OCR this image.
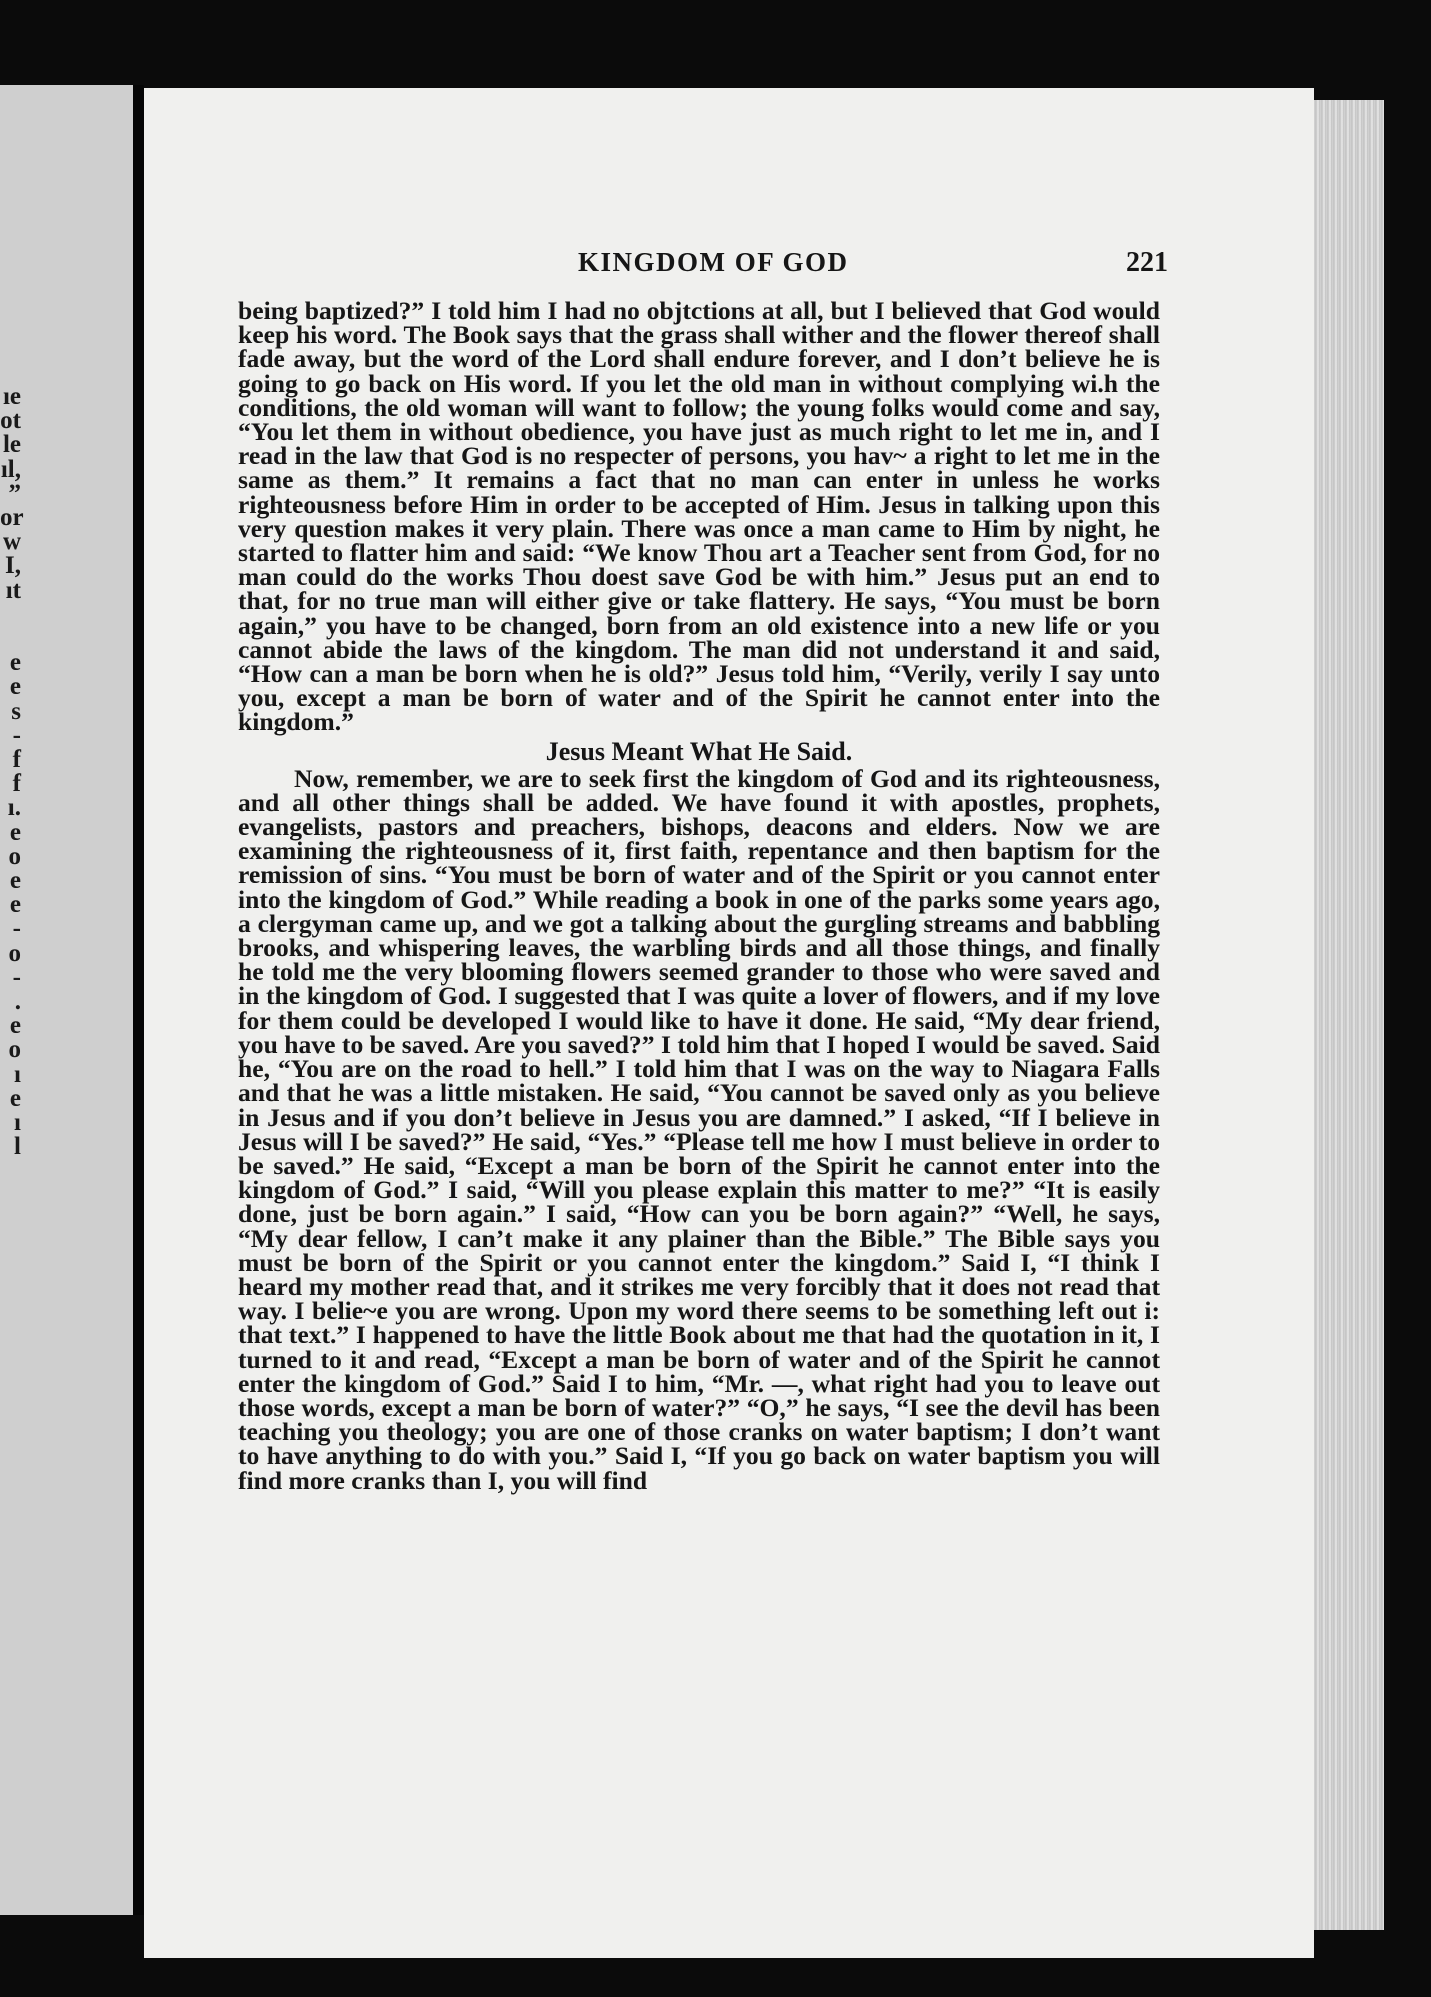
ıe
ot
le
ıl,
”
or
w
I,
ıt

e
e
s
-
f
f
ı.
e
o
e
e
-
o
-
.
e
o
ı
e
ı
l
KINGDOM OF GOD	221

being baptized?” I told him I had no objtctions at all, but I believed that God would keep his word. The Book says that the grass shall wither and the flower thereof shall fade away, but the word of the Lord shall endure forever, and I don’t believe he is going to go back on His word. If you let the old man in without complying wi.h the conditions, the old woman will want to follow; the young folks would come and say, “You let them in without obedience, you have just as much right to let me in, and I read in the law that God is no respecter of persons, you hav~ a right to let me in the same as them.” It remains a fact that no man can enter in unless he works righteousness before Him in order to be accepted of Him. Jesus in talking upon this very question makes it very plain. There was once a man came to Him by night, he started to flatter him and said: “We know Thou art a Teacher sent from God, for no man could do the works Thou doest save God be with him.” Jesus put an end to that, for no true man will either give or take flattery. He says, “You must be born again,” you have to be changed, born from an old existence into a new life or you cannot abide the laws of the kingdom. The man did not understand it and said, “How can a man be born when he is old?” Jesus told him, “Verily, verily I say unto you, except a man be born of water and of the Spirit he cannot enter into the kingdom.”

Jesus Meant What He Said.

Now, remember, we are to seek first the kingdom of God and its righteousness, and all other things shall be added. We have found it with apostles, prophets, evangelists, pastors and preachers, bishops, deacons and elders. Now we are examining the righteousness of it, first faith, repentance and then baptism for the remission of sins. “You must be born of water and of the Spirit or you cannot enter into the kingdom of God.” While reading a book in one of the parks some years ago, a clergyman came up, and we got a talking about the gurgling streams and babbling brooks, and whispering leaves, the warbling birds and all those things, and finally he told me the very blooming flowers seemed grander to those who were saved and in the kingdom of God. I suggested that I was quite a lover of flowers, and if my love for them could be developed I would like to have it done. He said, “My dear friend, you have to be saved. Are you saved?” I told him that I hoped I would be saved. Said he, “You are on the road to hell.” I told him that I was on the way to Niagara Falls and that he was a little mistaken. He said, “You cannot be saved only as you believe in Jesus and if you don’t believe in Jesus you are damned.” I asked, “If I believe in Jesus will I be saved?” He said, “Yes.” “Please tell me how I must believe in order to be saved.” He said, “Except a man be born of the Spirit he cannot enter into the kingdom of God.” I said, “Will you please explain this matter to me?” “It is easily done, just be born again.” I said, “How can you be born again?” “Well, he says, “My dear fellow, I can’t make it any plainer than the Bible.” The Bible says you must be born of the Spirit or you cannot enter the kingdom.” Said I, “I think I heard my mother read that, and it strikes me very forcibly that it does not read that way. I belie~e you are wrong. Upon my word there seems to be something left out i: that text.” I happened to have the little Book about me that had the quotation in it, I turned to it and read, “Except a man be born of water and of the Spirit he cannot enter the kingdom of God.” Said I to him, “Mr. —, what right had you to leave out those words, except a man be born of water?” “O,” he says, “I see the devil has been teaching you theology; you are one of those cranks on water baptism; I don’t want to have anything to do with you.” Said I, “If you go back on water baptism you will find more cranks than I, you will find
